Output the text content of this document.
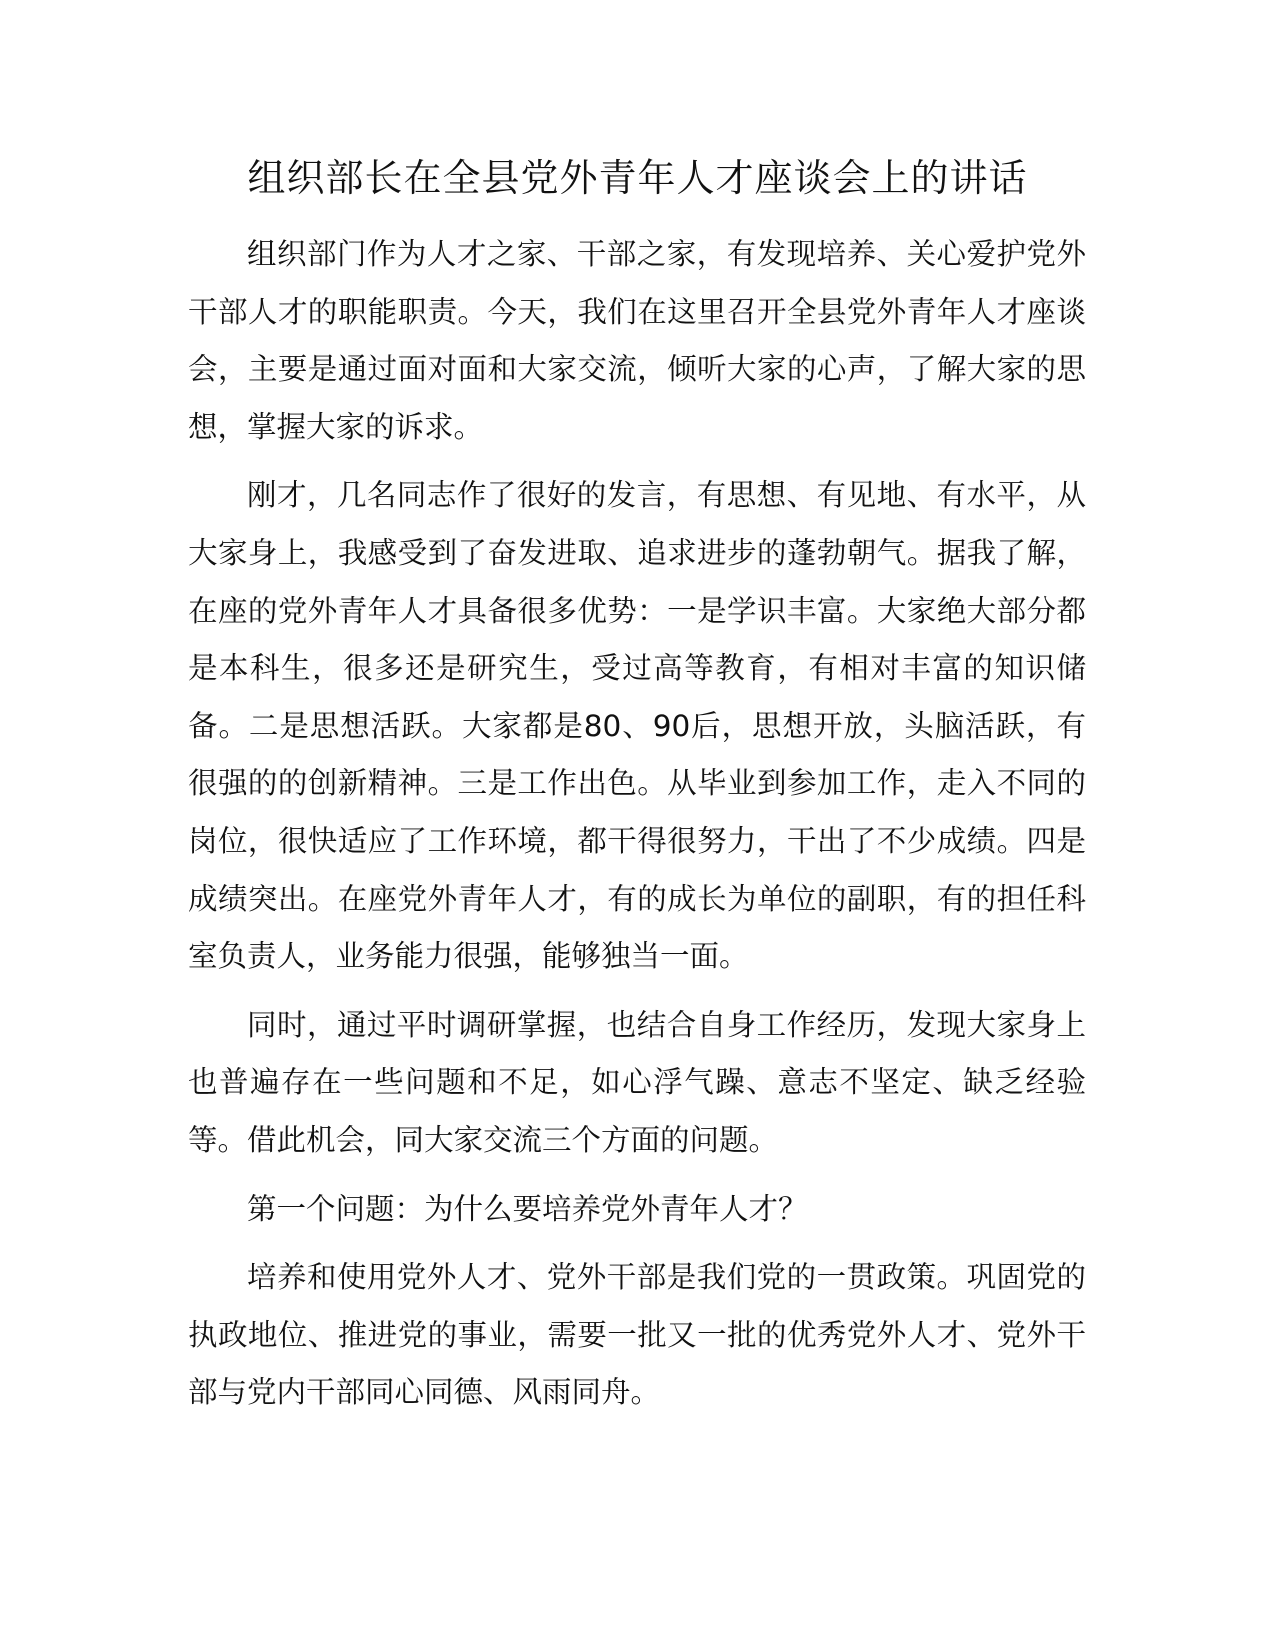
组织部长在全县党外青年人才座谈会上的讲话

组织部门作为人才之家、干部之家，有发现培养、关心爱护党外干部人才的职能职责。今天，我们在这里召开全县党外青年人才座谈会，主要是通过面对面和大家交流，倾听大家的心声，了解大家的思想，掌握大家的诉求。

刚才，几名同志作了很好的发言，有思想、有见地、有水平，从大家身上，我感受到了奋发进取、追求进步的蓬勃朝气。据我了解，在座的党外青年人才具备很多优势：一是学识丰富。大家绝大部分都是本科生，很多还是研究生，受过高等教育，有相对丰富的知识储备。二是思想活跃。大家都是80、90后，思想开放，头脑活跃，有很强的的创新精神。三是工作出色。从毕业到参加工作，走入不同的岗位，很快适应了工作环境，都干得很努力，干出了不少成绩。四是成绩突出。在座党外青年人才，有的成长为单位的副职，有的担任科室负责人，业务能力很强，能够独当一面。

同时，通过平时调研掌握，也结合自身工作经历，发现大家身上也普遍存在一些问题和不足，如心浮气躁、意志不坚定、缺乏经验等。借此机会，同大家交流三个方面的问题。

第一个问题：为什么要培养党外青年人才？

培养和使用党外人才、党外干部是我们党的一贯政策。巩固党的执政地位、推进党的事业，需要一批又一批的优秀党外人才、党外干部与党内干部同心同德、风雨同舟。
